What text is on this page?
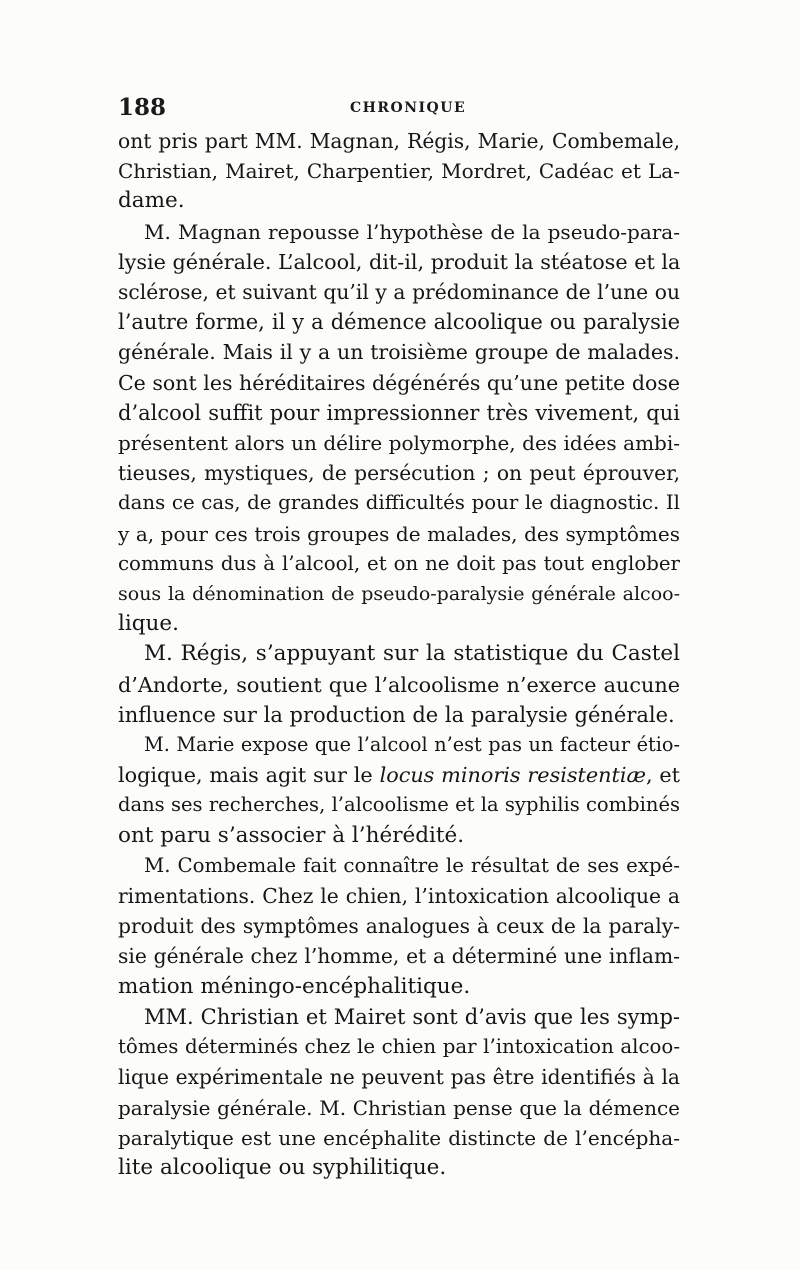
188	CHRONIQUE
ont pris part MM. Magnan, Régis, Marie, Combemale,
Christian, Mairet, Charpentier, Mordret, Cadéac et La-
dame.
M. Magnan repousse l’hypothèse de la pseudo-para-
lysie générale. L’alcool, dit-il, produit la stéatose et la
sclérose, et suivant qu’il y a prédominance de l’une ou
l’autre forme, il y a démence alcoolique ou paralysie
générale. Mais il y a un troisième groupe de malades.
Ce sont les héréditaires dégénérés qu’une petite dose
d’alcool suffit pour impressionner très vivement, qui
présentent alors un délire polymorphe, des idées ambi-
tieuses, mystiques, de persécution ; on peut éprouver,
dans ce cas, de grandes difficultés pour le diagnostic. Il
y a, pour ces trois groupes de malades, des symptômes
communs dus à l’alcool, et on ne doit pas tout englober
sous la dénomination de pseudo-paralysie générale alcoo-
lique.
M. Régis, s’appuyant sur la statistique du Castel
d’Andorte, soutient que l’alcoolisme n’exerce aucune
influence sur la production de la paralysie générale.
M. Marie expose que l’alcool n’est pas un facteur étio-
logique, mais agit sur le locus minoris resistentiæ, et
dans ses recherches, l’alcoolisme et la syphilis combinés
ont paru s’associer à l’hérédité.
M. Combemale fait connaître le résultat de ses expé-
rimentations. Chez le chien, l’intoxication alcoolique a
produit des symptômes analogues à ceux de la paraly-
sie générale chez l’homme, et a déterminé une inflam-
mation méningo-encéphalitique.
MM. Christian et Mairet sont d’avis que les symp-
tômes déterminés chez le chien par l’intoxication alcoo-
lique expérimentale ne peuvent pas être identifiés à la
paralysie générale. M. Christian pense que la démence
paralytique est une encéphalite distincte de l’encépha-
lite alcoolique ou syphilitique.
